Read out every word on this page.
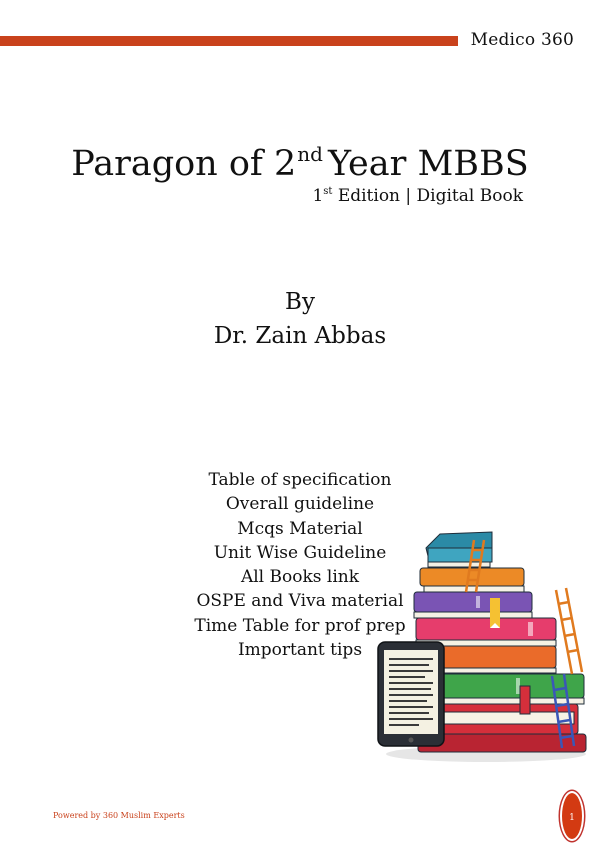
Medico 360
Paragon of 2nd Year MBBS
1st Edition | Digital Book
By
Dr. Zain Abbas
Table of specification
Overall guideline
Mcqs Material
Unit Wise Guideline
All Books link
OSPE and Viva material
Time Table for prof prep
Important tips
Powered by 360 Muslim Experts	1
